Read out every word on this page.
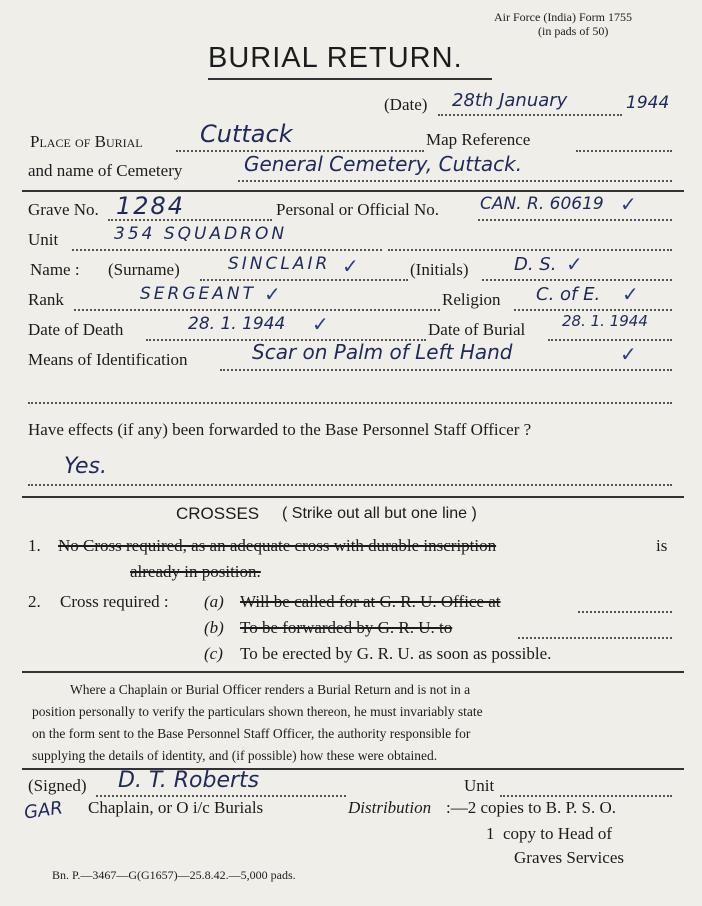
Air Force (India) Form 1755
(in pads of 50)
BURIAL RETURN.
(Date) 28th January	1944
Place of Burial Cuttack	Map Reference
and name of Cemetery	General Cemetery, Cuttack.
Grave No. 1284	Personal or Official No. CAN. R. 60619 ✓
Unit	354 SQUADRON
Name : (Surname)	SINCLAIR ✓	(Initials)	D. S. ✓
Rank	SERGEANT ✓	Religion C. of E. ✓
Date of Death	28. 1. 1944 ✓	Date of Burial 28. 1. 1944
Means of Identification	Scar on Palm of Left Hand	✓
Have effects (if any) been forwarded to the Base Personnel Staff Officer ?
Yes.
CROSSES ( Strike out all but one line )
1. No Cross required, as an adequate cross with durable inscription	is
already in position.
2. Cross required : (a) Will be called for at G. R. U. Office at
(b) To be forwarded by G. R. U. to
(c) To be erected by G. R. U. as soon as possible.
Where a Chaplain or Burial Officer renders a Burial Return and is not in a
position personally to verify the particulars shown thereon, he must invariably state
on the form sent to the Base Personnel Staff Officer, the authority responsible for
supplying the details of identity, and (if possible) how these were obtained.
(Signed) D. T. Roberts	Unit
GAR Chaplain, or O i/c Burials	Distribution :—2 copies to B. P. S. O.
1  copy to Head of
Graves Services
Bn. P.—3467—G(G1657)—25.8.42.—5,000 pads.
